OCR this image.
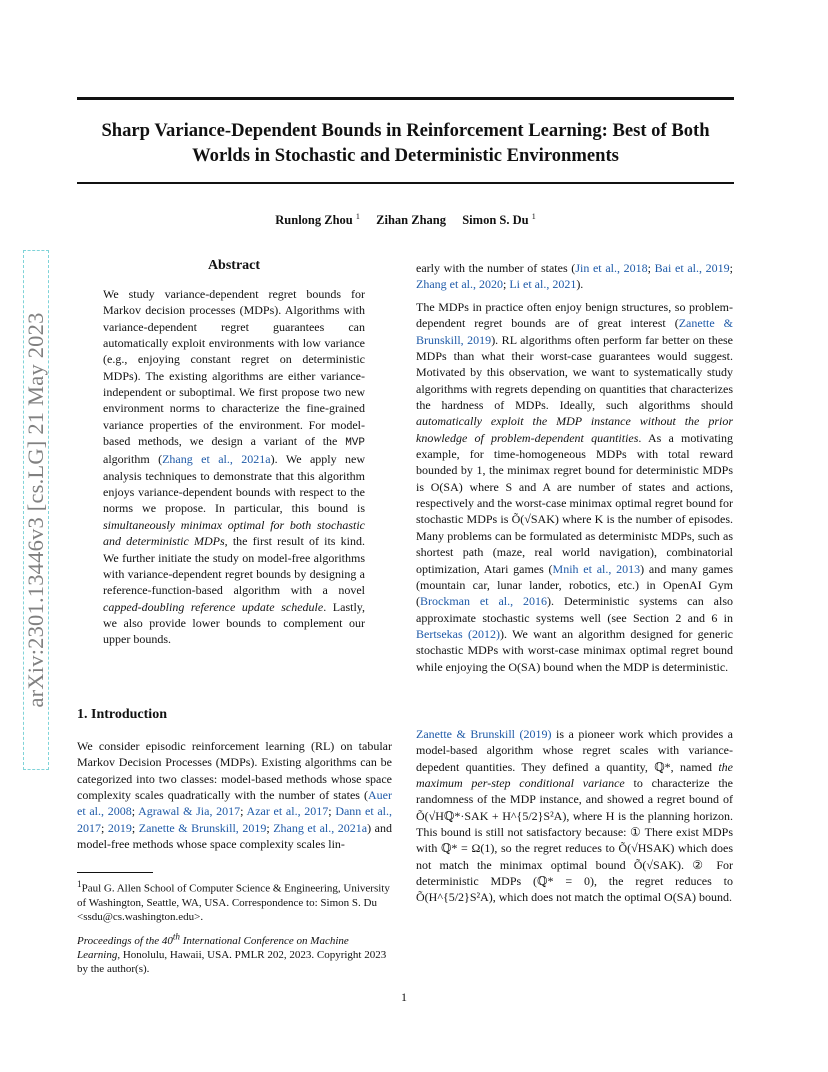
Sharp Variance-Dependent Bounds in Reinforcement Learning: Best of Both
Worlds in Stochastic and Deterministic Environments
Runlong Zhou $^1$ Zihan Zhang Simon S. Du $^1$
arXiv:2301.13446v3 [cs.LG] 21 May 2023
Abstract

We study variance-dependent regret bounds for Markov decision processes (MDPs). Algorithms with variance-dependent regret guarantees can automatically exploit environments with low variance (e.g., enjoying constant regret on deterministic MDPs). The existing algorithms are either variance-independent or suboptimal. We first propose two new environment norms to characterize the fine-grained variance properties of the environment. For model-based methods, we design a variant of the MVP algorithm (Zhang et al., 2021a). We apply new analysis techniques to demonstrate that this algorithm enjoys variance-dependent bounds with respect to the norms we propose. In particular, this bound is simultaneously minimax optimal for both stochastic and deterministic MDPs, the first result of its kind. We further initiate the study on model-free algorithms with variance-dependent regret bounds by designing a reference-function-based algorithm with a novel capped-doubling reference update schedule. Lastly, we also provide lower bounds to complement our upper bounds.

1. Introduction

We consider episodic reinforcement learning (RL) on tabular Markov Decision Processes (MDPs). Existing algorithms can be categorized into two classes: model-based methods whose space complexity scales quadratically with the number of states (Auer et al., 2008; Agrawal & Jia, 2017; Azar et al., 2017; Dann et al., 2017; 2019; Zanette & Brunskill, 2019; Zhang et al., 2021a) and model-free methods whose space complexity scales lin-

$^1$Paul G. Allen School of Computer Science & Engineering, University of Washington, Seattle, WA, USA. Correspondence to: Simon S. Du <ssdu@cs.washington.edu>.

Proceedings of the 40th International Conference on Machine Learning, Honolulu, Hawaii, USA. PMLR 202, 2023. Copyright 2023 by the author(s).

early with the number of states (Jin et al., 2018; Bai et al., 2019; Zhang et al., 2020; Li et al., 2021).

The MDPs in practice often enjoy benign structures, so problem-dependent regret bounds are of great interest (Zanette & Brunskill, 2019). RL algorithms often perform far better on these MDPs than what their worst-case guarantees would suggest. Motivated by this observation, we want to systematically study algorithms with regrets depending on quantities that characterizes the hardness of MDPs. Ideally, such algorithms should automatically exploit the MDP instance without the prior knowledge of problem-dependent quantities. As a motivating example, for time-homogeneous MDPs with total reward bounded by 1, the minimax regret bound for deterministic MDPs is O(SA) where S and A are number of states and actions, respectively and the worst-case minimax optimal regret bound for stochastic MDPs is Õ(√SAK) where K is the number of episodes. Many problems can be formulated as deterministc MDPs, such as shortest path (maze, real world navigation), combinatorial optimization, Atari games (Mnih et al., 2013) and many games (mountain car, lunar lander, robotics, etc.) in OpenAI Gym (Brockman et al., 2016). Deterministic systems can also approximate stochastic systems well (see Section 2 and 6 in Bertsekas (2012)). We want an algorithm designed for generic stochastic MDPs with worst-case minimax optimal regret bound while enjoying the O(SA) bound when the MDP is deterministic.

Zanette & Brunskill (2019) is a pioneer work which provides a model-based algorithm whose regret scales with variance-depedent quantities. They defined a quantity, ℚ*, named the maximum per-step conditional variance to characterize the randomness of the MDP instance, and showed a regret bound of Õ(√Hℚ*·SAK + H^{5/2}S²A), where H is the planning horizon. This bound is still not satisfactory because: ① There exist MDPs with ℚ* = Ω(1), so the regret reduces to Õ(√HSAK) which does not match the minimax optimal bound Õ(√SAK). ② For deterministic MDPs (ℚ* = 0), the regret reduces to Õ(H^{5/2}S²A), which does not match the optimal O(SA) bound.

1
